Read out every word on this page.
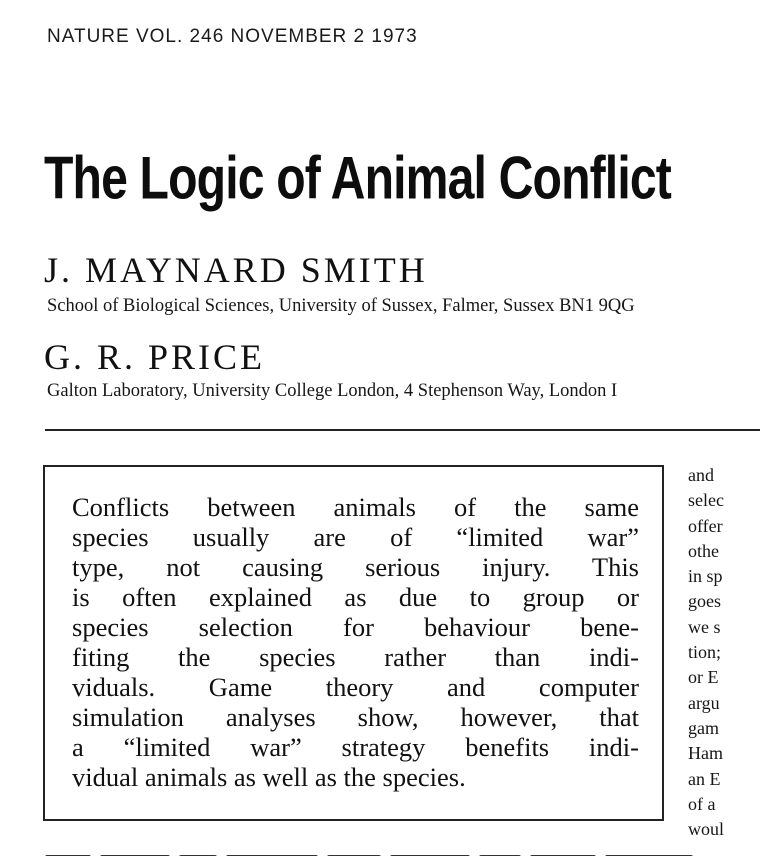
NATURE VOL. 246 NOVEMBER 2 1973
The Logic of Animal Conflict
J. MAYNARD SMITH
School of Biological Sciences, University of Sussex, Falmer, Sussex BN1 9QG
G. R. PRICE
Galton Laboratory, University College London, 4 Stephenson Way, London I
Conflicts between animals of the same
species usually are of “limited war”
type, not causing serious injury. This
is often explained as due to group or
species selection for behaviour bene-
fiting the species rather than indi-
viduals. Game theory and computer
simulation analyses show, however, that
a “limited war” strategy benefits indi-
vidual animals as well as the species.
and
selec
offer
othe
in sp
goes
we s
tion;
or E
argu
gam
Ham
an E
of a
woul
